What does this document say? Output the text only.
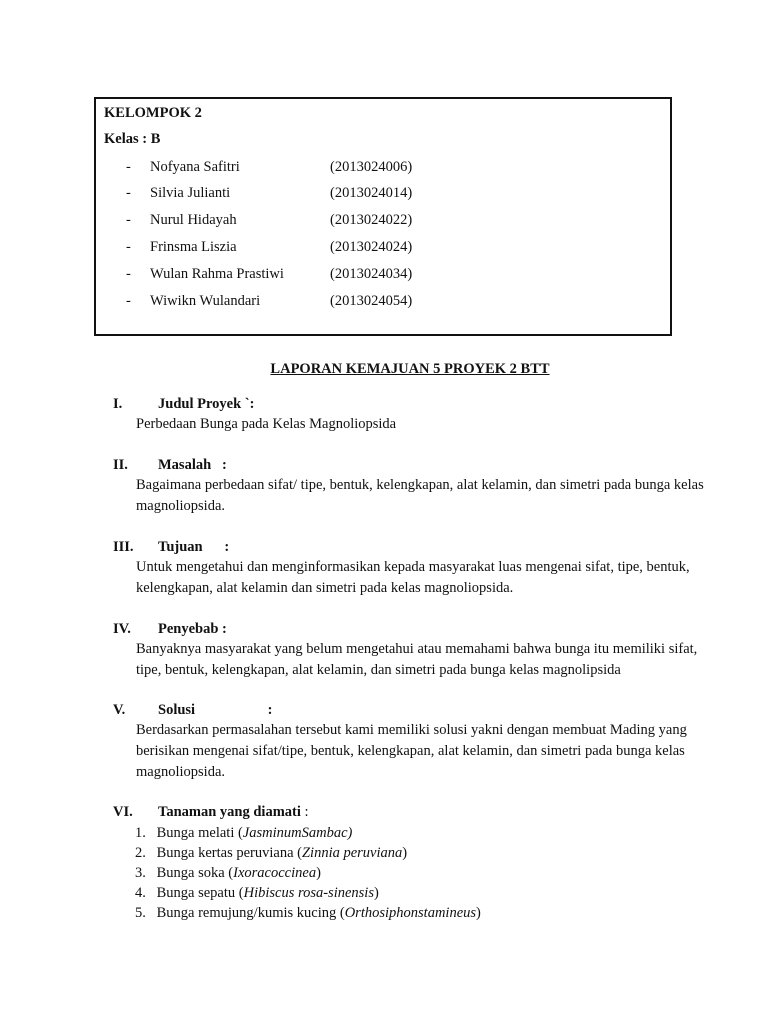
KELOMPOK 2
Kelas : B
- Nofyana Safitri	(2013024006)
- Silvia Julianti	(2013024014)
- Nurul Hidayah	(2013024022)
- Frinsma Liszia	(2013024024)
- Wulan Rahma Prastiwi	(2013024034)
- Wiwikn Wulandari	(2013024054)
LAPORAN KEMAJUAN 5 PROYEK 2 BTT
I. Judul Proyek `:
Perbedaan Bunga pada Kelas Magnoliopsida
II. Masalah   :
Bagaimana perbedaan sifat/ tipe, bentuk, kelengkapan, alat kelamin, dan simetri pada bunga kelas
magnoliopsida.
III. Tujuan      :
Untuk mengetahui dan menginformasikan kepada masyarakat luas mengenai sifat, tipe, bentuk,
kelengkapan, alat kelamin dan simetri pada kelas magnoliopsida.
IV. Penyebab :
Banyaknya masyarakat yang belum mengetahui atau memahami bahwa bunga itu memiliki sifat,
tipe, bentuk, kelengkapan, alat kelamin, dan simetri pada bunga kelas magnolipsida
V. Solusi                    :
Berdasarkan permasalahan tersebut kami memiliki solusi yakni dengan membuat Mading yang
berisikan mengenai sifat/tipe, bentuk, kelengkapan, alat kelamin, dan simetri pada bunga kelas
magnoliopsida.
VI. Tanaman yang diamati :
1. Bunga melati (JasminumSambac)
2. Bunga kertas peruviana (Zinnia peruviana)
3. Bunga soka (Ixoracoccinea)
4. Bunga sepatu (Hibiscus rosa-sinensis)
5. Bunga remujung/kumis kucing (Orthosiphonstamineus)
